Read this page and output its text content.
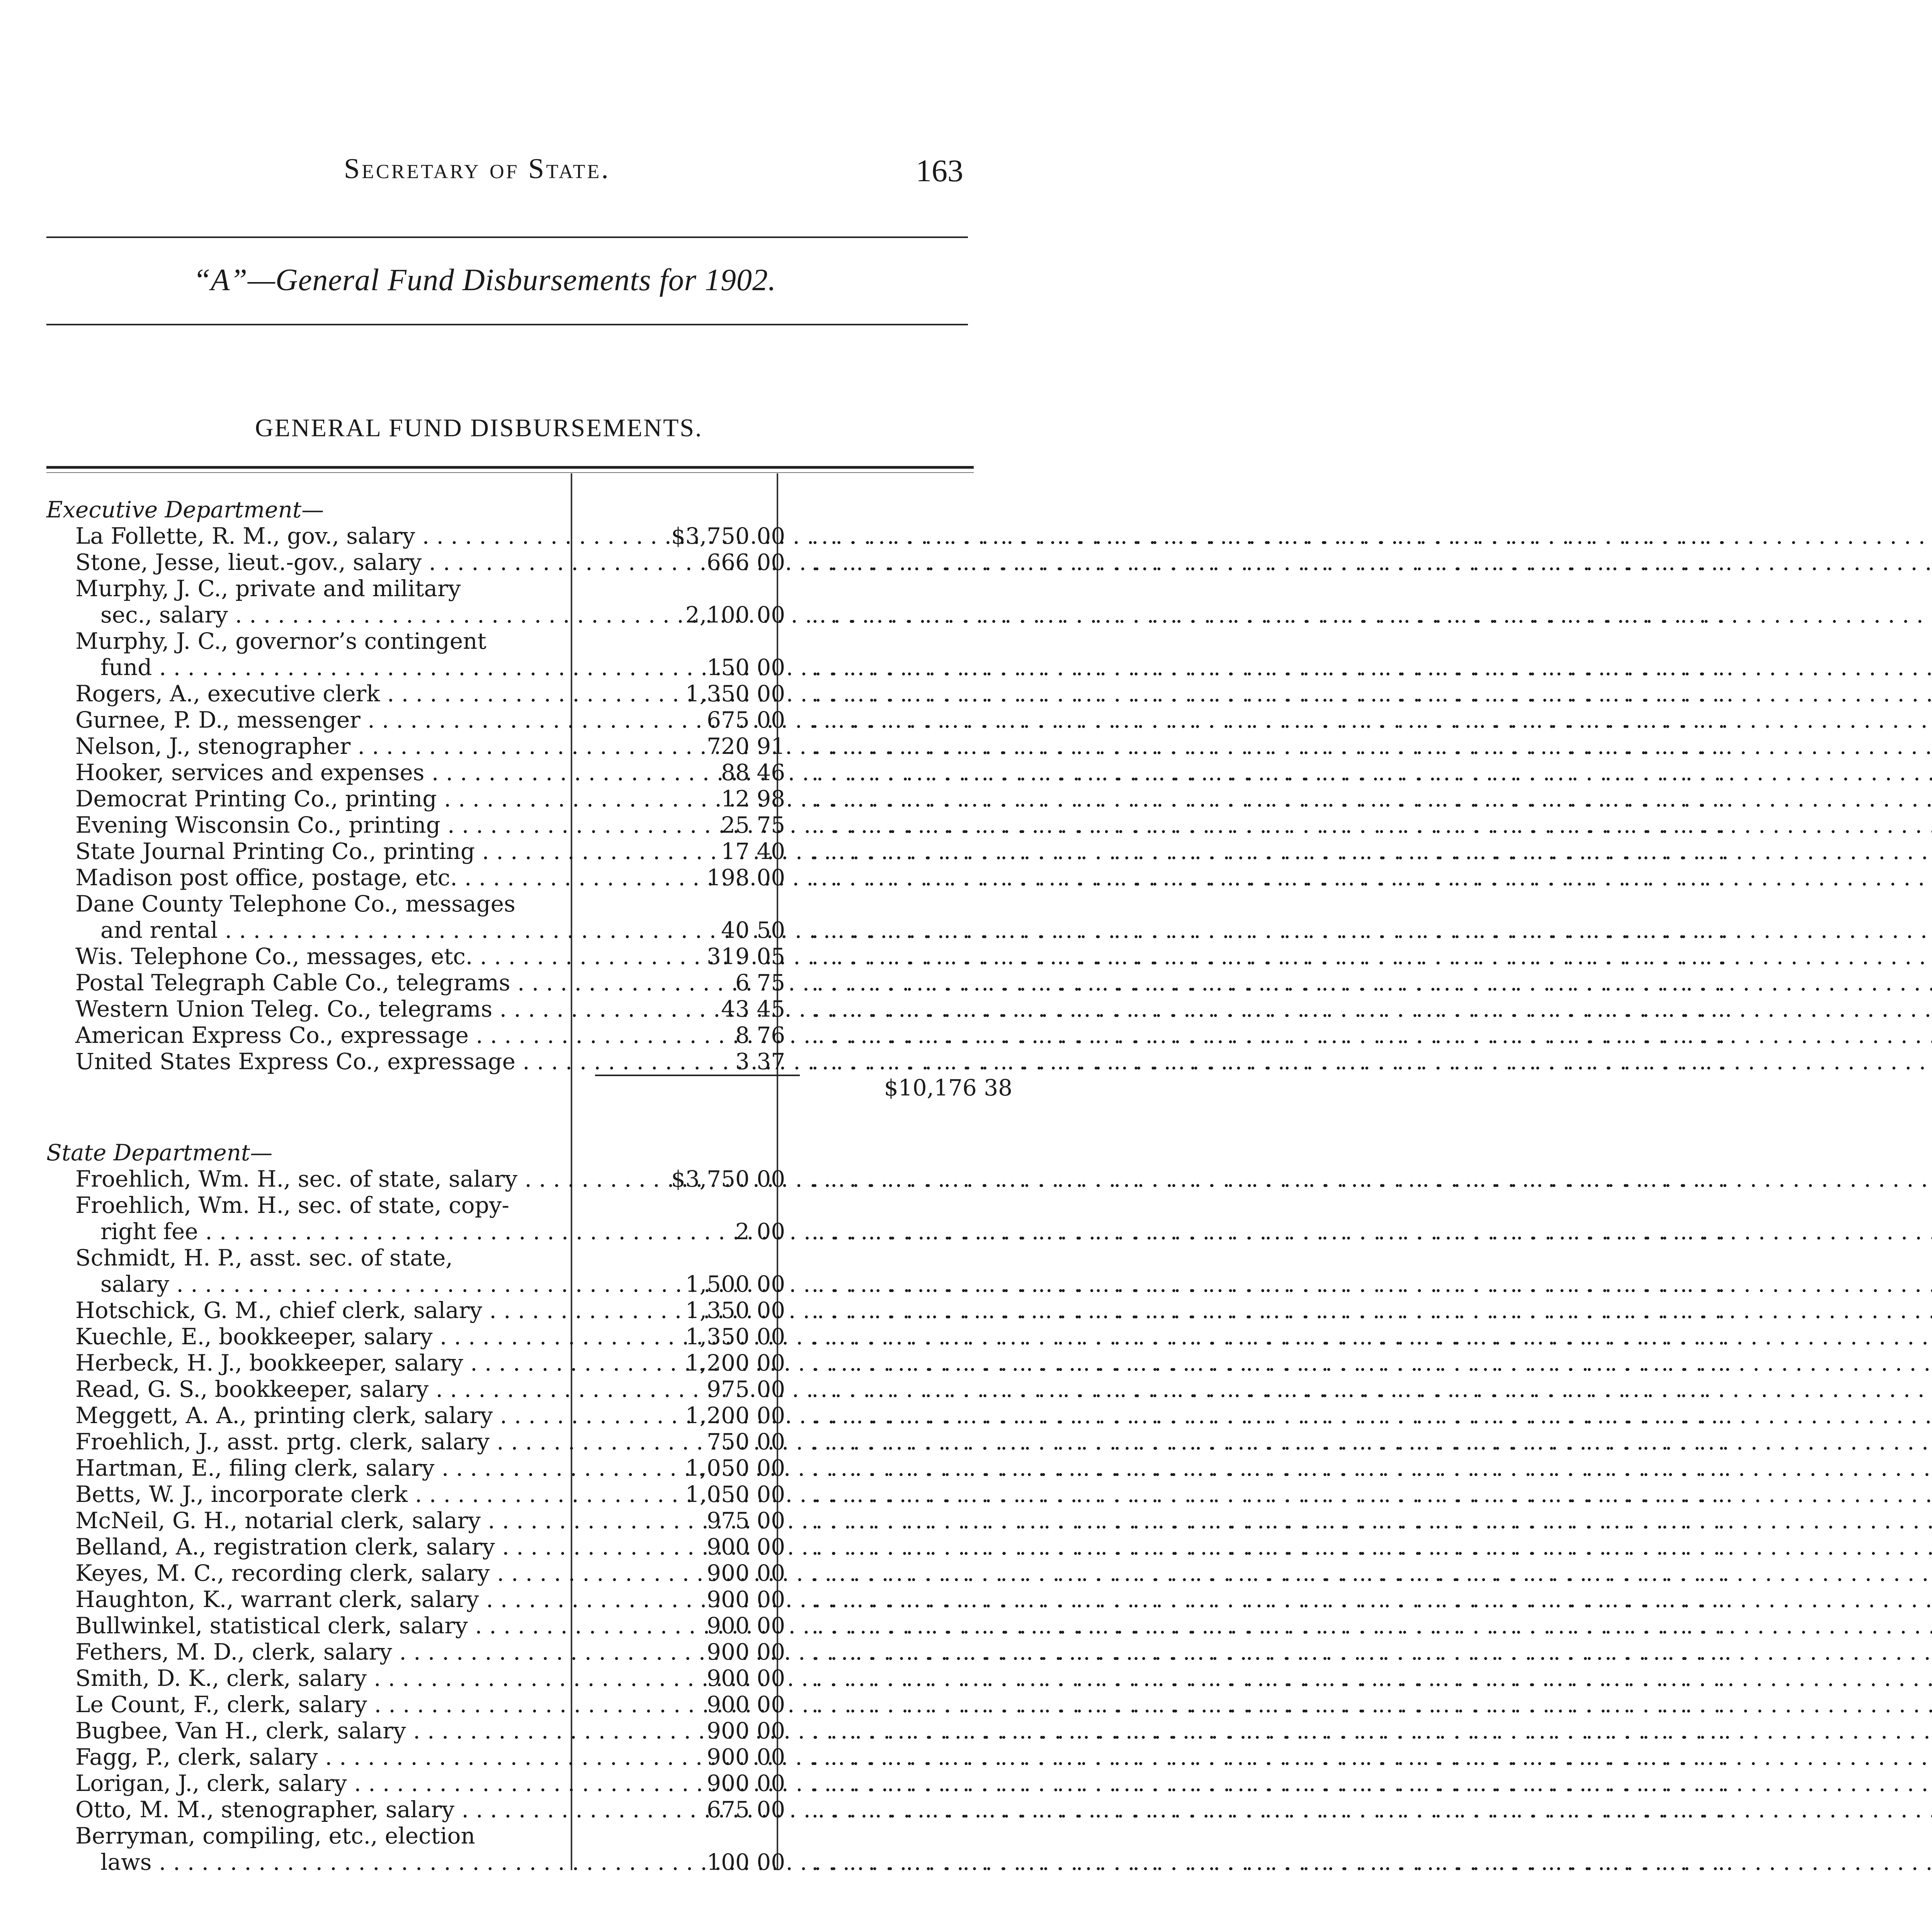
Secretary of State.	163
“A”—General Fund Disbursements for 1902.
GENERAL FUND DISBURSEMENTS.
Executive Department—
La Follette, R. M., gov., salary . . .	$3,750 00	. . . . . . . . . . . . . . . . . . . . . . . . . . . . . . . . . . . . . . . . . . . . . . . . .
Stone, Jesse, lieut.-gov., salary . . .	666 00	. . . . . . . . . . . . . . . . . . . . . . . . . . . . . . . . . . . . . . . . . . . . . . . . .
Murphy, J. C., private and military
sec., salary . . .	2,100 00	. . . . . . . . . . . . . . . . . . . . . . . . . . . . . . . . . . . . . . . . . . . . . . . . .
Murphy, J. C., governor’s contingent
fund . . .	150 00	. . . . . . . . . . . . . . . . . . . . . . . . . . . . . . . . . . . . . . . . . . . . . . . . .
Rogers, A., executive clerk . . .	1,350 00	. . . . . . . . . . . . . . . . . . . . . . . . . . . . . . . . . . . . . . . . . . . . . . . . .
Gurnee, P. D., messenger . . .	675 00	. . . . . . . . . . . . . . . . . . . . . . . . . . . . . . . . . . . . . . . . . . . . . . . . .
Nelson, J., stenographer . . .	720 91	. . . . . . . . . . . . . . . . . . . . . . . . . . . . . . . . . . . . . . . . . . . . . . . . .
Hooker, services and expenses . . .	88 46	. . . . . . . . . . . . . . . . . . . . . . . . . . . . . . . . . . . . . . . . . . . . . . . . .
Democrat Printing Co., printing . . .	12 98	. . . . . . . . . . . . . . . . . . . . . . . . . . . . . . . . . . . . . . . . . . . . . . . . .
Evening Wisconsin Co., printing . . .	25 75	. . . . . . . . . . . . . . . . . . . . . . . . . . . . . . . . . . . . . . . . . . . . . . . . .
State Journal Printing Co., printing . . .	17 40	. . . . . . . . . . . . . . . . . . . . . . . . . . . . . . . . . . . . . . . . . . . . . . . . .
Madison post office, postage, etc. . . .	198 00	. . . . . . . . . . . . . . . . . . . . . . . . . . . . . . . . . . . . . . . . . . . . . . . . .
Dane County Telephone Co., messages
and rental . . .	40 50	. . . . . . . . . . . . . . . . . . . . . . . . . . . . . . . . . . . . . . . . . . . . . . . . .
Wis. Telephone Co., messages, etc. . . .	319 05	. . . . . . . . . . . . . . . . . . . . . . . . . . . . . . . . . . . . . . . . . . . . . . . . .
Postal Telegraph Cable Co., telegrams . . .	6 75	. . . . . . . . . . . . . . . . . . . . . . . . . . . . . . . . . . . . . . . . . . . . . . . . .
Western Union Teleg. Co., telegrams . . .	43 45	. . . . . . . . . . . . . . . . . . . . . . . . . . . . . . . . . . . . . . . . . . . . . . . . .
American Express Co., expressage . . .	8 76	. . . . . . . . . . . . . . . . . . . . . . . . . . . . . . . . . . . . . . . . . . . . . . . . .
United States Express Co., expressage . . .	3 37	. . . . . . . . . . . . . . . . . . . . . . . . . . . . . . . . . . . . . . . . . . . . . . . . .
$10,176 38
State Department—
Froehlich, Wm. H., sec. of state, salary . . .	$3,750 00	. . . . . . . . . . . . . . . . . . . . . . . . . . . . . . . . . . . . . . . . . . . . . . . . .
Froehlich, Wm. H., sec. of state, copy-
right fee . . .	2 00	. . . . . . . . . . . . . . . . . . . . . . . . . . . . . . . . . . . . . . . . . . . . . . . . .
Schmidt, H. P., asst. sec. of state,
salary . . .	1,500 00	. . . . . . . . . . . . . . . . . . . . . . . . . . . . . . . . . . . . . . . . . . . . . . . . .
Hotschick, G. M., chief clerk, salary . . .	1,350 00	. . . . . . . . . . . . . . . . . . . . . . . . . . . . . . . . . . . . . . . . . . . . . . . . .
Kuechle, E., bookkeeper, salary . . .	1,350 00	. . . . . . . . . . . . . . . . . . . . . . . . . . . . . . . . . . . . . . . . . . . . . . . . .
Herbeck, H. J., bookkeeper, salary . . .	1,200 00	. . . . . . . . . . . . . . . . . . . . . . . . . . . . . . . . . . . . . . . . . . . . . . . . .
Read, G. S., bookkeeper, salary . . .	975 00	. . . . . . . . . . . . . . . . . . . . . . . . . . . . . . . . . . . . . . . . . . . . . . . . .
Meggett, A. A., printing clerk, salary . . .	1,200 00	. . . . . . . . . . . . . . . . . . . . . . . . . . . . . . . . . . . . . . . . . . . . . . . . .
Froehlich, J., asst. prtg. clerk, salary . . .	750 00	. . . . . . . . . . . . . . . . . . . . . . . . . . . . . . . . . . . . . . . . . . . . . . . . .
Hartman, E., filing clerk, salary . . .	1,050 00	. . . . . . . . . . . . . . . . . . . . . . . . . . . . . . . . . . . . . . . . . . . . . . . . .
Betts, W. J., incorporate clerk . . .	1,050 00	. . . . . . . . . . . . . . . . . . . . . . . . . . . . . . . . . . . . . . . . . . . . . . . . .
McNeil, G. H., notarial clerk, salary . . .	975 00	. . . . . . . . . . . . . . . . . . . . . . . . . . . . . . . . . . . . . . . . . . . . . . . . .
Belland, A., registration clerk, salary . . .	900 00	. . . . . . . . . . . . . . . . . . . . . . . . . . . . . . . . . . . . . . . . . . . . . . . . .
Keyes, M. C., recording clerk, salary . . .	900 00	. . . . . . . . . . . . . . . . . . . . . . . . . . . . . . . . . . . . . . . . . . . . . . . . .
Haughton, K., warrant clerk, salary . . .	900 00	. . . . . . . . . . . . . . . . . . . . . . . . . . . . . . . . . . . . . . . . . . . . . . . . .
Bullwinkel, statistical clerk, salary . . .	900 00	. . . . . . . . . . . . . . . . . . . . . . . . . . . . . . . . . . . . . . . . . . . . . . . . .
Fethers, M. D., clerk, salary . . .	900 00	. . . . . . . . . . . . . . . . . . . . . . . . . . . . . . . . . . . . . . . . . . . . . . . . .
Smith, D. K., clerk, salary . . .	900 00	. . . . . . . . . . . . . . . . . . . . . . . . . . . . . . . . . . . . . . . . . . . . . . . . .
Le Count, F., clerk, salary . . .	900 00	. . . . . . . . . . . . . . . . . . . . . . . . . . . . . . . . . . . . . . . . . . . . . . . . .
Bugbee, Van H., clerk, salary . . .	900 00	. . . . . . . . . . . . . . . . . . . . . . . . . . . . . . . . . . . . . . . . . . . . . . . . .
Fagg, P., clerk, salary . . .	900 00	. . . . . . . . . . . . . . . . . . . . . . . . . . . . . . . . . . . . . . . . . . . . . . . . .
Lorigan, J., clerk, salary . . .	900 00	. . . . . . . . . . . . . . . . . . . . . . . . . . . . . . . . . . . . . . . . . . . . . . . . .
Otto, M. M., stenographer, salary . . .	675 00	. . . . . . . . . . . . . . . . . . . . . . . . . . . . . . . . . . . . . . . . . . . . . . . . .
Berryman, compiling, etc., election
laws . . .	100 00	. . . . . . . . . . . . . . . . . . . . . . . . . . . . . . . . . . . . . . . . . . . . . . . . .
